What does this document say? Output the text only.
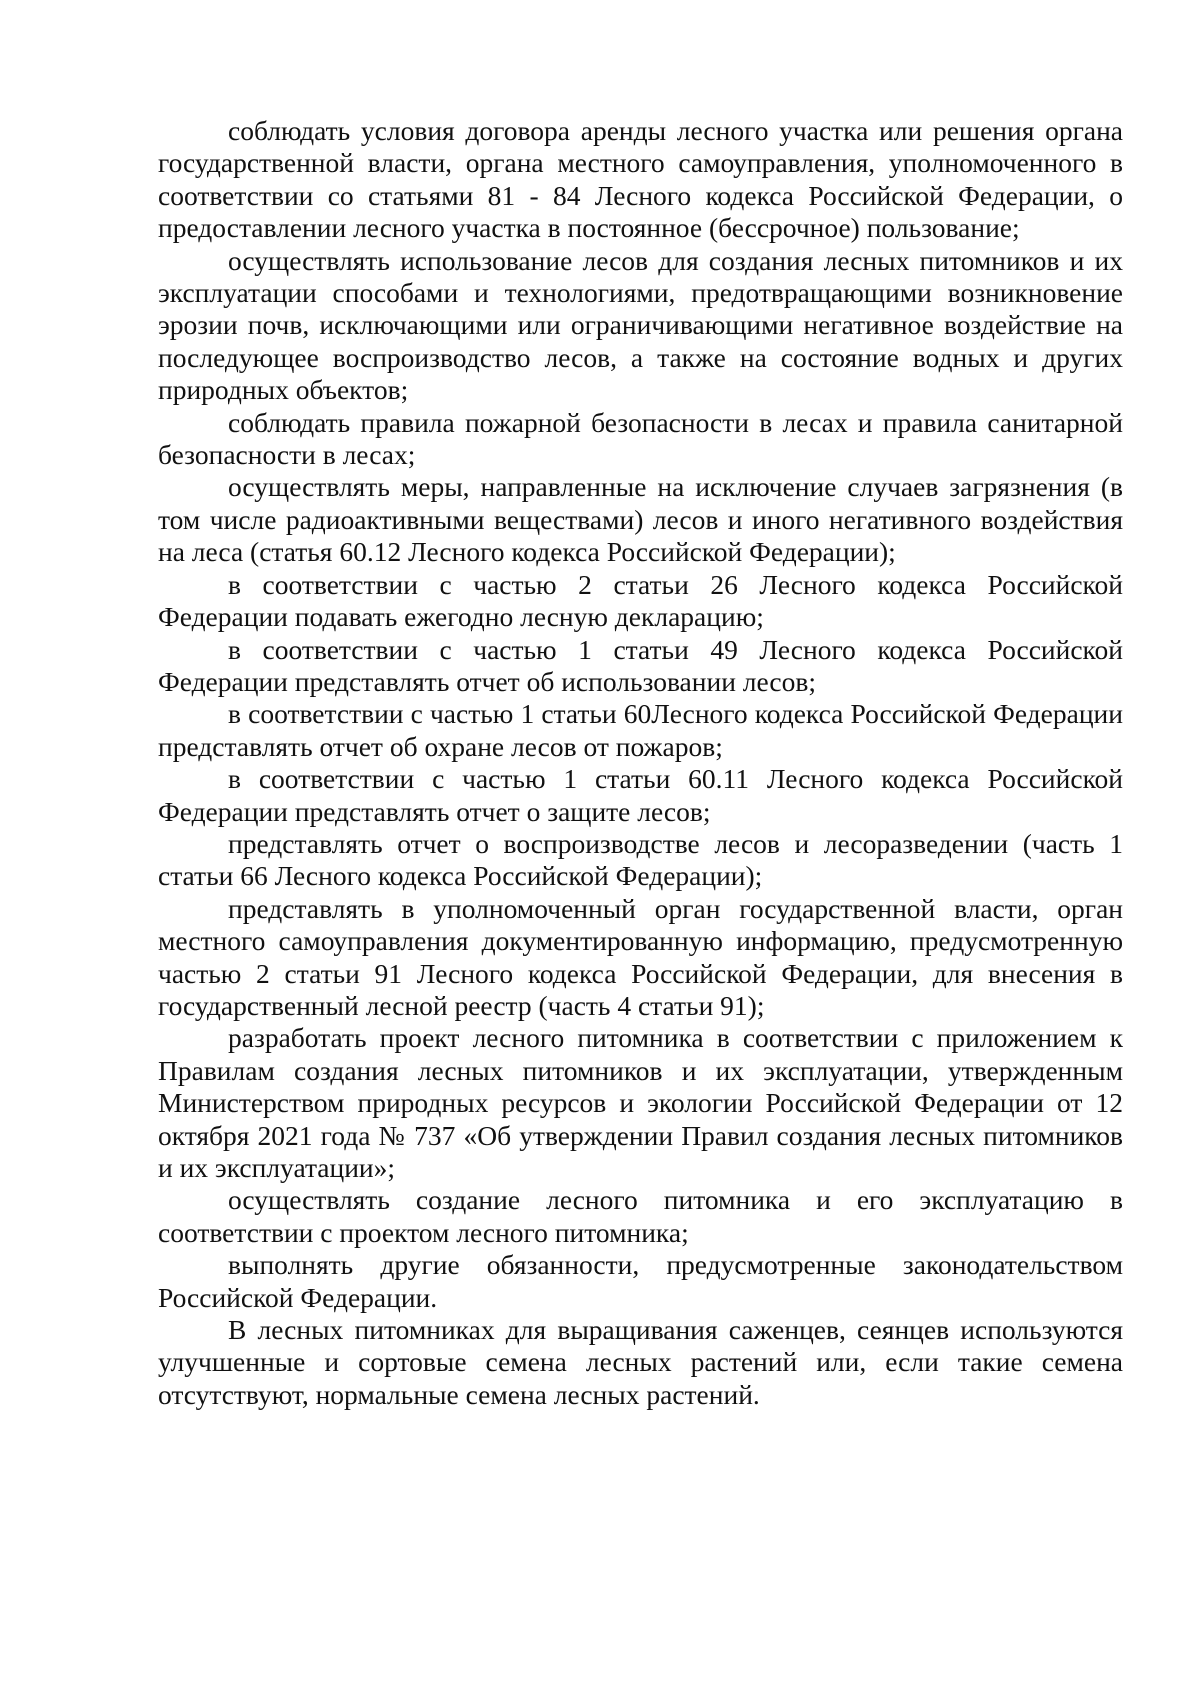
соблюдать условия договора аренды лесного участка или решения органа государственной власти, органа местного самоуправления, уполномоченного в соответствии со статьями 81 - 84 Лесного кодекса Российской Федерации, о предоставлении лесного участка в постоянное (бессрочное) пользование;

осуществлять использование лесов для создания лесных питомников и их эксплуатации способами и технологиями, предотвращающими возникновение эрозии почв, исключающими или ограничивающими негативное воздействие на последующее воспроизводство лесов, а также на состояние водных и других природных объектов;

соблюдать правила пожарной безопасности в лесах и правила санитарной безопасности в лесах;

осуществлять меры, направленные на исключение случаев загрязнения (в том числе радиоактивными веществами) лесов и иного негативного воздействия на леса (статья 60.12 Лесного кодекса Российской Федерации);

в соответствии с частью 2 статьи 26 Лесного кодекса Российской Федерации подавать ежегодно лесную декларацию;

в соответствии с частью 1 статьи 49 Лесного кодекса Российской Федерации представлять отчет об использовании лесов;

в соответствии с частью 1 статьи 60Лесного кодекса Российской Федерации представлять отчет об охране лесов от пожаров;

в соответствии с частью 1 статьи 60.11 Лесного кодекса Российской Федерации представлять отчет о защите лесов;

представлять отчет о воспроизводстве лесов и лесоразведении (часть 1 статьи 66 Лесного кодекса Российской Федерации);

представлять в уполномоченный орган государственной власти, орган местного самоуправления документированную информацию, предусмотренную частью 2 статьи 91 Лесного кодекса Российской Федерации, для внесения в государственный лесной реестр (часть 4 статьи 91);

разработать проект лесного питомника в соответствии с приложением к Правилам создания лесных питомников и их эксплуатации, утвержденным Министерством природных ресурсов и экологии Российской Федерации от 12 октября 2021 года № 737 «Об утверждении Правил создания лесных питомников и их эксплуатации»;

осуществлять создание лесного питомника и его эксплуатацию в соответствии с проектом лесного питомника;

выполнять другие обязанности, предусмотренные законодательством Российской Федерации.

В лесных питомниках для выращивания саженцев, сеянцев используются улучшенные и сортовые семена лесных растений или, если такие семена отсутствуют, нормальные семена лесных растений.
